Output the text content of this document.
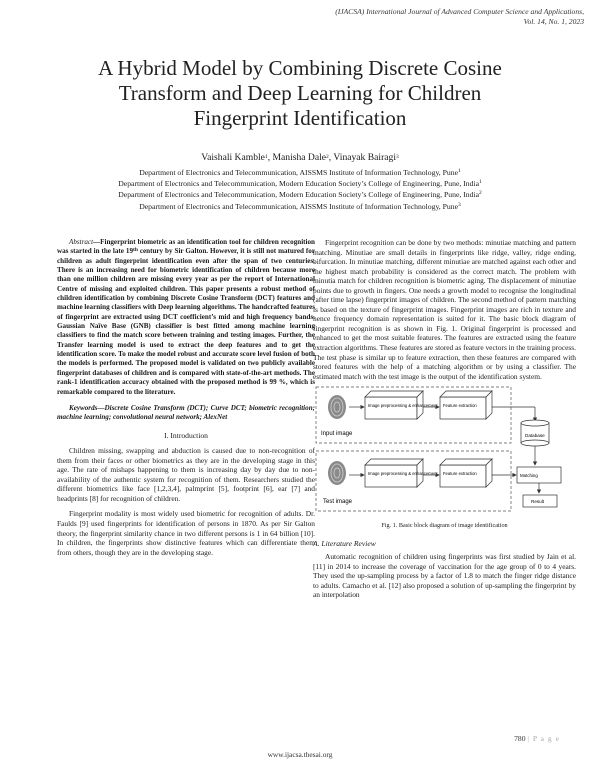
(IJACSA) International Journal of Advanced Computer Science and Applications,
Vol. 14, No. 1, 2023
A Hybrid Model by Combining Discrete Cosine
Transform and Deep Learning for Children
Fingerprint Identification
Vaishali Kamble$^1$, Manisha Dale$^2$, Vinayak Bairagi$^3$
Department of Electronics and Telecommunication, AISSMS Institute of Information Technology, Pune$^1$
Department of Electronics and Telecommunication, Modern Education Society’s College of Engineering, Pune, India$^1$
Department of Electronics and Telecommunication, Modern Education Society’s College of Engineering, Pune, India$^2$
Department of Electronics and Telecommunication, AISSMS Institute of Information Technology, Pune$^3$

Abstract—Fingerprint biometric as an identification tool for children recognition was started in the late 19th century by Sir Galton. However, it is still not matured for children as adult fingerprint identification even after the span of two centuries. There is an increasing need for biometric identification of children because more than one million children are missing every year as per the report of International Centre of missing and exploited children. This paper presents a robust method of children identification by combining Discrete Cosine Transform (DCT) features and machine learning classifiers with Deep learning algorithms. The handcrafted features of fingerprint are extracted using DCT coefficient’s mid and high frequency bands. Gaussian Naïve Base (GNB) classifier is best fitted among machine learning classifiers to find the match score between training and testing images. Further, the Transfer learning model is used to extract the deep features and to get the identification score. To make the model robust and accurate score level fusion of both the models is performed. The proposed model is validated on two publicly available fingerprint databases of children and is compared with state-of-the-art methods. The rank-1 identification accuracy obtained with the proposed method is 99 %, which is remarkable compared to the literature.

Keywords—Discrete Cosine Transform (DCT); Curve DCT; biometric recognition; machine learning; convolutional neural network; AlexNet

I. Introduction

Children missing, swapping and abduction is caused due to non-recognition of them from their faces or other biometrics as they are in the developing stage in this age. The rate of mishaps happening to them is increasing day by day due to non-availability of the authentic system for recognition of them. Researchers studied the different biometrics like face [1,2,3,4], palmprint [5], footprint [6], ear [7] and headprints [8] for recognition of children.

Fingerprint modality is most widely used biometric for recognition of adults. Dr. Faulds [9] used fingerprints for identification of persons in 1870. As per Sir Galton theory, the fingerprint similarity chance in two different persons is 1 in 64 billion [10]. In children, the fingerprints show distinctive features which can differentiate them from others, though they are in the developing stage.

Fingerprint recognition can be done by two methods: minutiae matching and pattern matching. Minutiae are small details in fingerprints like ridge, valley, ridge ending, bifurcation. In minutiae matching, different minutiae are matched against each other and the highest match probability is considered as the correct match. The problem with minutia match for children recognition is biometric aging. The displacement of minutiae points due to growth in fingers. One needs a growth model to recognise the longitudinal (after time lapse) fingerprint images of children. The second method of pattern matching is based on the texture of fingerprint images. Fingerprint images are rich in texture and hence frequency domain representation is suited for it. The basic block diagram of fingerprint recognition is as shown in Fig. 1. Original fingerprint is processed and enhanced to get the most suitable features. The features are extracted using the feature extraction algorithms. These features are stored as feature vectors in the training process. The test phase is similar up to feature extraction, then these features are compared with stored features with the help of a matching algorithm or by using a classifier. The estimated match with the test image is the output of the identification system.

Input image
Image preprocessing & enhancement Feature extraction
Database
Test image
Image preprocessing & enhancement Feature extraction	Matching
Result

Fig. 1. Basic block diagram of image identification

A. Literature Review

Automatic recognition of children using fingerprints was first studied by Jain et al. [11] in 2014 to increase the coverage of vaccination for the age group of 0 to 4 years. They used the up-sampling process by a factor of 1.8 to match the finger ridge distance to adults. Camacho et al. [12] also proposed a solution of up-sampling the fingerprint by an interpolation

780 | P a g e
www.ijacsa.thesai.org
